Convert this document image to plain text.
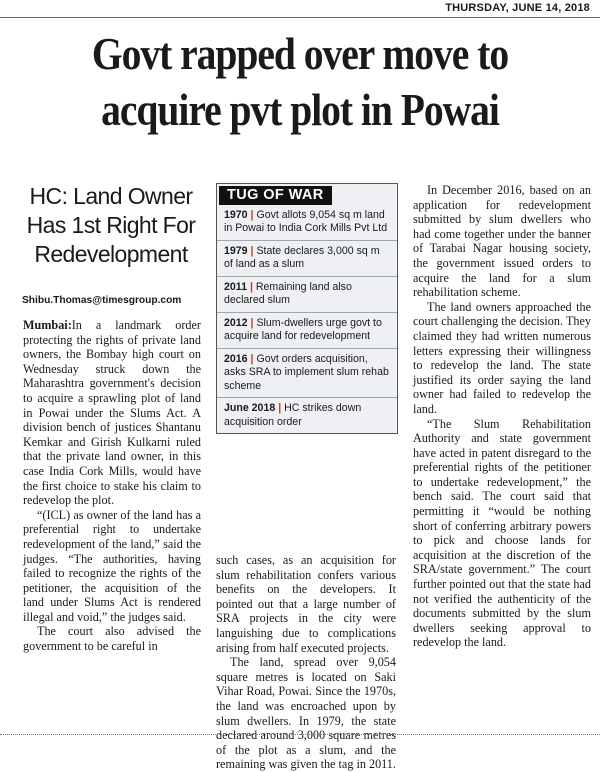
THURSDAY, JUNE 14, 2018
Govt rapped over move to
acquire pvt plot in Powai
HC: Land Owner Has 1st Right For Redevelopment
Shibu.Thomas@timesgroup.com

Mumbai:In a landmark order protecting the rights of private land owners, the Bombay high court on Wednesday struck down the Maharashtra government's decision to acquire a sprawling plot of land in Powai under the Slums Act. A division bench of justices Shantanu Kemkar and Girish Kulkarni ruled that the private land owner, in this case India Cork Mills, would have the first choice to stake his claim to redevelop the plot.

“(ICL) as owner of the land has a preferential right to undertake redevelopment of the land,” said the judges. “The authorities, having failed to recognize the rights of the petitioner, the acquisition of the land under Slums Act is rendered illegal and void,” the judges said.

The court also advised the government to be careful in

TUG OF WAR
1970 | Govt allots 9,054 sq m land in Powai to India Cork Mills Pvt Ltd
1979 | State declares 3,000 sq m of land as a slum
2011 | Remaining land also declared slum
2012 | Slum-dwellers urge govt to acquire land for redevelopment
2016 | Govt orders acquisition, asks SRA to implement slum rehab scheme
June 2018 | HC strikes down acquisition order

such cases, as an acquisition for slum rehabilitation confers various benefits on the developers. It pointed out that a large number of SRA projects in the city were languishing due to complications arising from half executed projects.

The land, spread over 9,054 square metres is located on Saki Vihar Road, Powai. Since the 1970s, the land was encroached upon by slum dwellers. In 1979, the state declared around 3,000 square metres of the plot as a slum, and the remaining was given the tag in 2011.

In December 2016, based on an application for redevelopment submitted by slum dwellers who had come together under the banner of Tarabai Nagar housing society, the government issued orders to acquire the land for a slum rehabilitation scheme.

The land owners approached the court challenging the decision. They claimed they had written numerous letters expressing their willingness to redevelop the land. The state justified its order saying the land owner had failed to redevelop the land.

“The Slum Rehabilitation Authority and state government have acted in patent disregard to the preferential rights of the petitioner to undertake redevelopment,” the bench said. The court said that permitting it “would be nothing short of conferring arbitrary powers to pick and choose lands for acquisition at the discretion of the SRA/state government.” The court further pointed out that the state had not verified the authenticity of the documents submitted by the slum dwellers seeking approval to redevelop the land.
